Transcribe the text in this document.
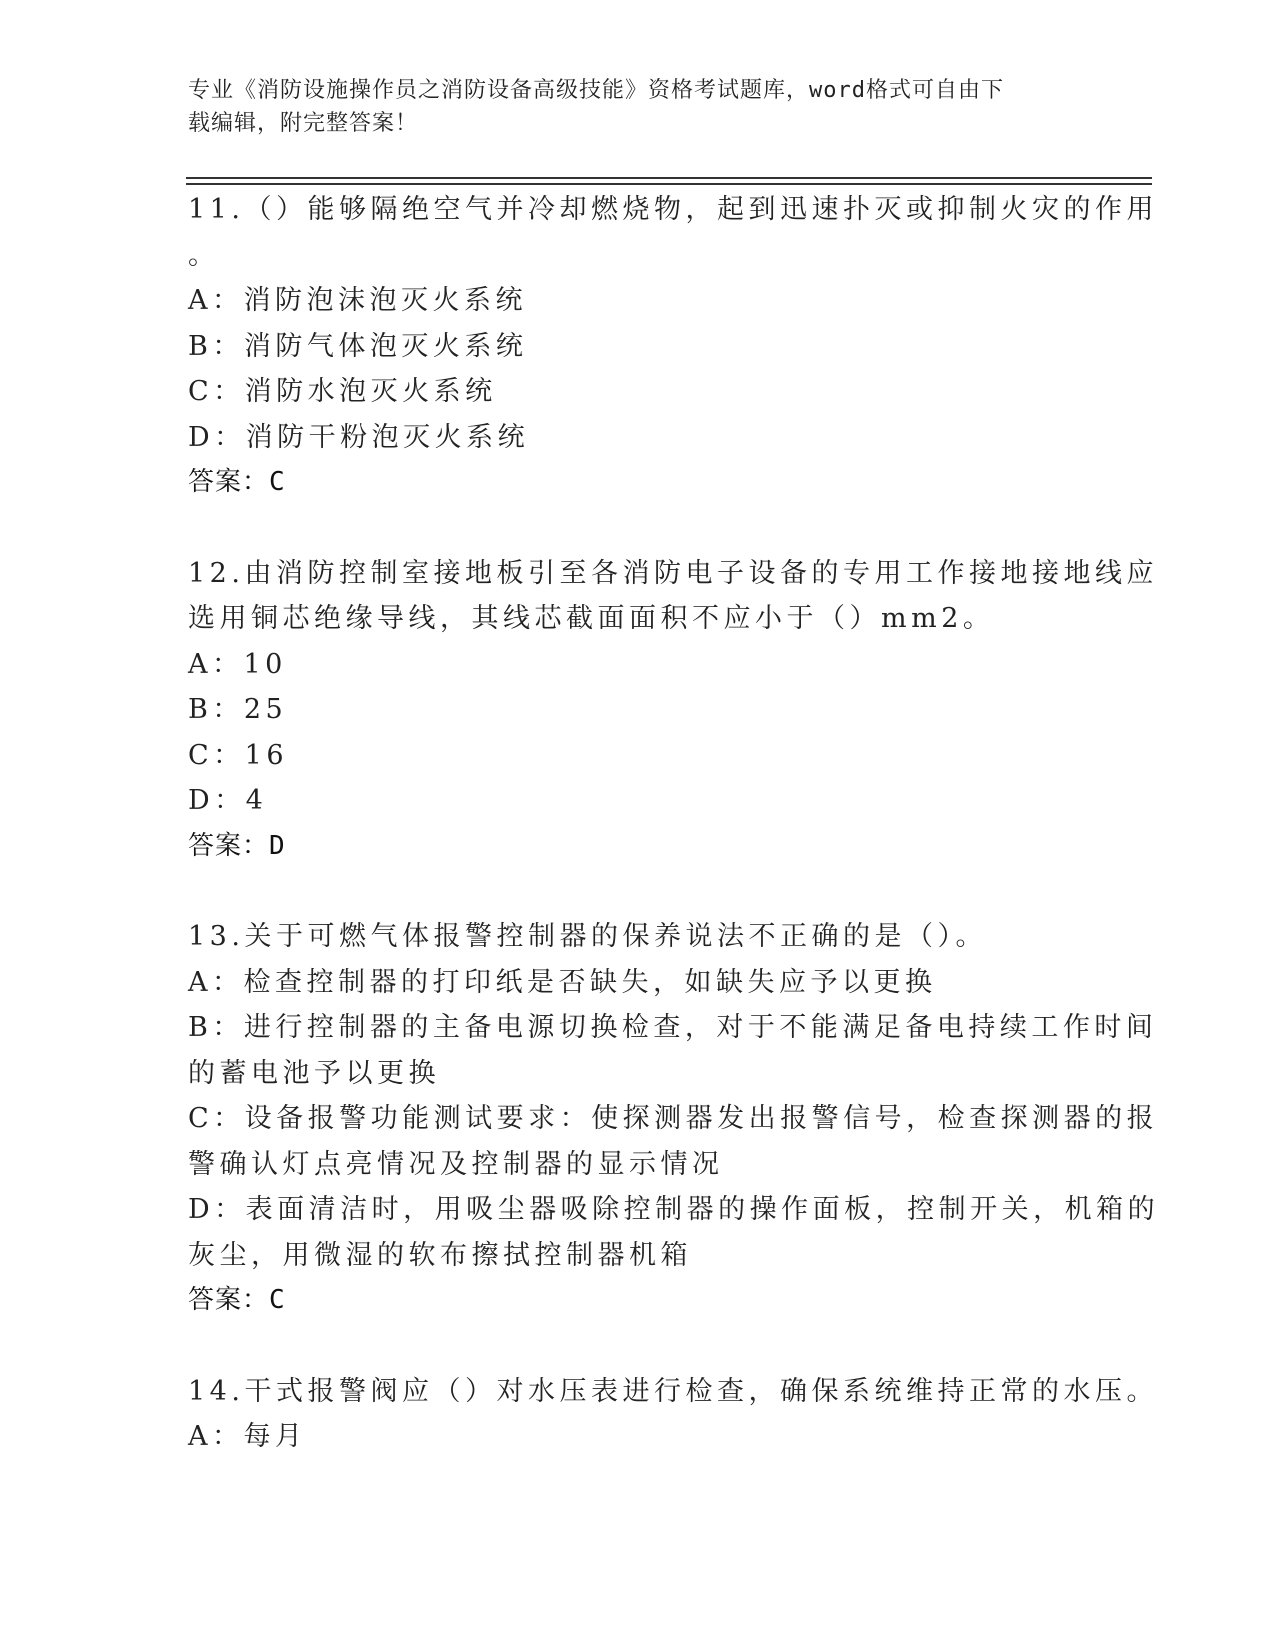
专业《消防设施操作员之消防设备高级技能》资格考试题库，word格式可自由下
载编辑，附完整答案！
11.（）能够隔绝空气并冷却燃烧物，起到迅速扑灭或抑制火灾的作用
。
A：消防泡沫泡灭火系统
B：消防气体泡灭火系统
C：消防水泡灭火系统
D：消防干粉泡灭火系统
答案：C
12.由消防控制室接地板引至各消防电子设备的专用工作接地接地线应
选用铜芯绝缘导线，其线芯截面面积不应小于（）mm2。
A：10
B：25
C：16
D：4
答案：D
13.关于可燃气体报警控制器的保养说法不正确的是（）。
A：检查控制器的打印纸是否缺失，如缺失应予以更换
B：进行控制器的主备电源切换检查，对于不能满足备电持续工作时间
的蓄电池予以更换
C：设备报警功能测试要求：使探测器发出报警信号，检查探测器的报
警确认灯点亮情况及控制器的显示情况
D：表面清洁时，用吸尘器吸除控制器的操作面板，控制开关，机箱的
灰尘，用微湿的软布擦拭控制器机箱
答案：C
14.干式报警阀应（）对水压表进行检查，确保系统维持正常的水压。
A：每月
